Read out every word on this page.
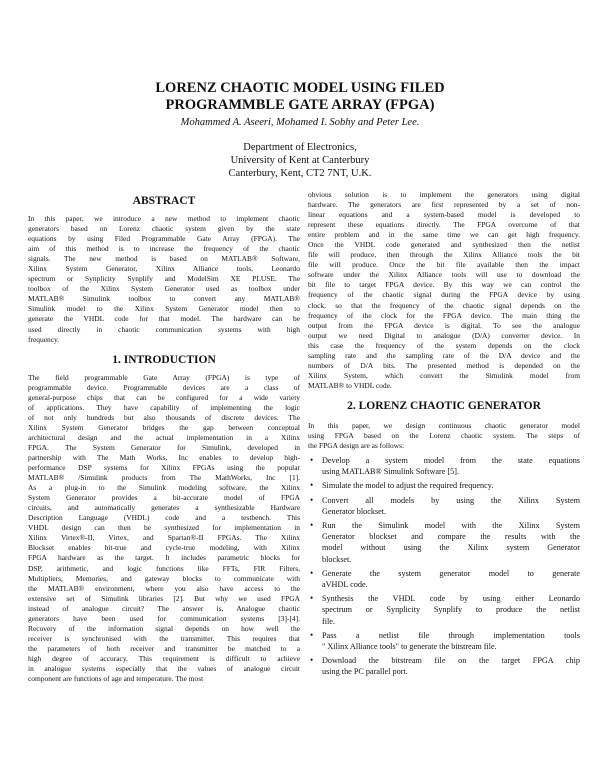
LORENZ CHAOTIC MODEL USING FILED
PROGRAMMBLE GATE ARRAY (FPGA)
Mohammed A. Aseeri, Mohamed I. Sobhy and Peter Lee.
Department of Electronics,
University of Kent at Canterbury
Canterbury, Kent, CT2 7NT, U.K.
ABSTRACT
In this paper, we introduce a new method to implement chaotic
generators based on Lorenz chaotic system given by the state
equations by using Filed Programmable Gate Array (FPGA). The
aim of this method is to increase the frequency of the chaotic
signals. The new method is based on MATLAB® Software,
Xilinx System Generator, Xilinx Alliance tools, Leonardo
spectrum or Synplicity Synplify and ModelSim XE PLUSE. The
toolbox of the Xilinx System Generator used as toolbox under
MATLAB® Simulink toolbox to convert any MATLAB®
Simulink model to the Xilinx System Generator model then to
generate the VHDL code for that model. The hardware can be
used directly in chaotic communication systems with high
frequency.
1. INTRODUCTION
The field programmable Gate Array (FPGA) is type of
programmable device. Programmable devices are a class of
general-purpose chips that can be configured for a wide variety
of applications. They have capability of implementing the logic
of not only hundreds but also thousands of discrete devices. The
Xilinx System Generator bridges the gap between conceptual
architectural design and the actual implementation in a Xilinx
FPGA. The System Generator for Simulink, developed in
partnership with The Math Works, Inc enables to develop high-
performance DSP systems for Xilinx FPGAs using the popular
MATLAB® /Simulink products from The MathWorks, Inc [1].
As a plug-in to the Simulink modeling software, the Xilinx
System Generator provides a bit-accurate model of FPGA
circuits, and automatically generates a synthesizable Hardware
Description Language (VHDL) code and a testbench. This
VHDL design can then be synthesized for implementation in
Xilinx Virtex®-II, Virtex, and Spartan®-II FPGAs. The Xilinx
Blockset enables bit-true and cycle-true modeling, with Xilinx
FPGA hardware as the target. It includes parametric blocks for
DSP, arithmetic, and logic functions like FFTs, FIR Filters,
Multipliers, Memories, and gateway blocks to communicate with
the MATLAB® environment, where you also have access to the
extensive set of Simulink libraries [2]. But why we used FPGA
instead of analogue circuit? The answer is, Analogue chaotic
generators have been used for communication systems [3]-[4].
Recovery of the information signal depends on how well the
receiver is synchronised with the transmitter. This requires that
the parameters of both receiver and transmitter be matched to a
high degree of accuracy. This requirement is difficult to achieve
in analogue systems especially that the values of analogue circuit
component are functions of age and temperature. The most
obvious solution is to implement the generators using digital
hardware. The generators are first represented by a set of non-
linear equations and a system-based model is developed to
represent these equations directly. The FPGA overcome of that
entire problem and in the same time we can get high frequency.
Once the VHDL code generated and synthesized then the netlist
file will produce, then through the Xilinx Alliance tools the bit
file will produce. Once the bit file available then the impact
software under the Xilinx Alliance tools will use to download the
bit file to target FPGA device. By this way we can control the
frequency of the chaotic signal during the FPGA device by using
clock, so that the frequency of the chaotic signal depends on the
frequency of the clock for the FPGA device. The main thing the
output from the FPGA device is digital. To see the analogue
output we need Digital to analogue (D/A) converter device. In
this case the frequency of the system depends on the clock
sampling rate and the sampling rate of the D/A device and the
numbers of D/A bits. The presented method is depended on the
Xilinx System, which convert the Simulink model from
MATLAB® to VHDL code.
2. LORENZ CHAOTIC GENERATOR
In this paper, we design continuous chaotic generator model
using FPGA based on the Lorenz chaotic system. The steps of
the FPGA design are as follows:
• Develop a system model from the state equations
using MATLAB® Simulink Software [5].
• Simulate the model to adjust the required frequency.
• Convert all models by using the Xilinx System
Generator blockset.
• Run the Simulink model with the Xilinx System
Generator blockset and compare the results with the
model without using the Xilinx system Generator
blockset.
• Generate the system generator model to generate
aVHDL code.
• Synthesis the VHDL code by using either Leonardo
spectrum or Synplicity Synplify to produce the netlist
file.
• Pass a netlist file through implementation tools
" Xilinx Alliance tools" to generate the bitstream file.
• Download the bitstream file on the target FPGA chip
using the PC parallel port.
